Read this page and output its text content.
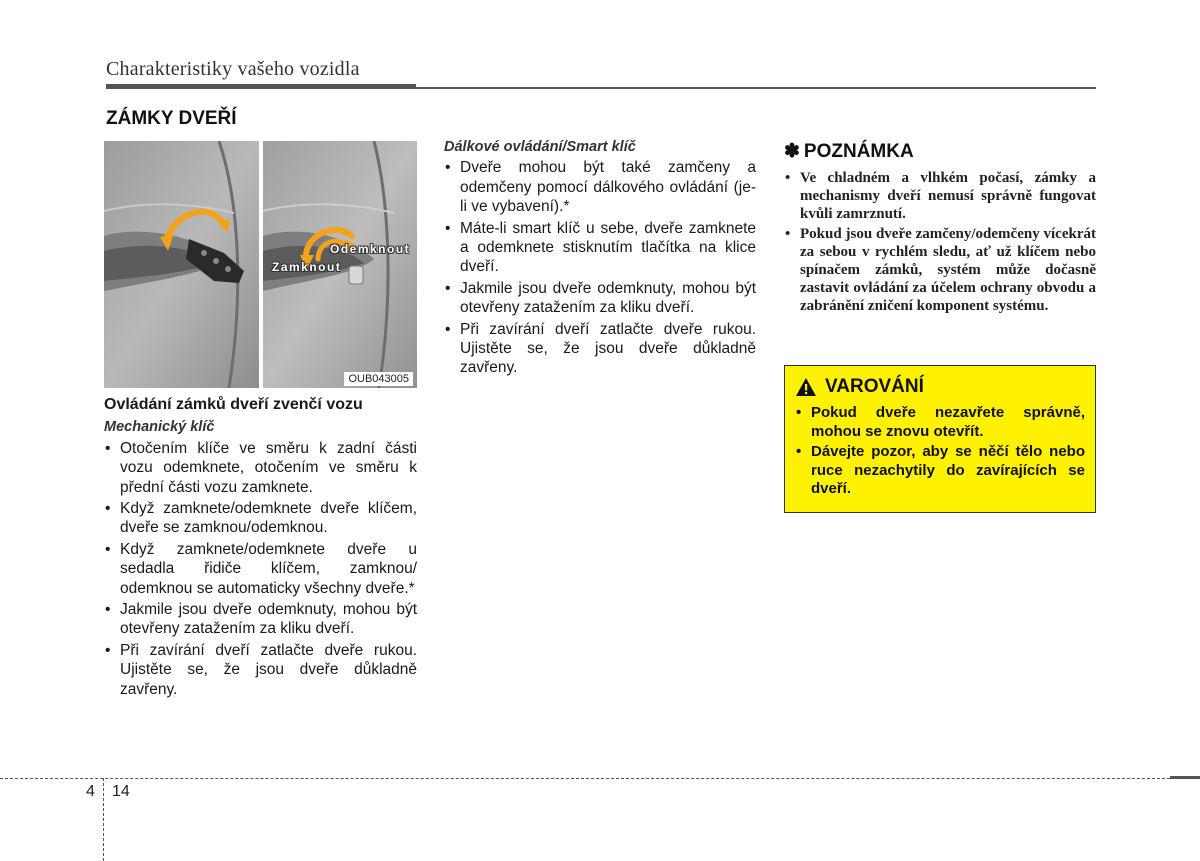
Charakteristiky vašeho vozidla
ZÁMKY DVEŘÍ
Odemknout
Zamknout
OUB043005
Ovládání zámků dveří zvenčí vozu
Mechanický klíč
• Otočením klíče ve směru k zadní části vozu odemknete, otočením ve směru k přední části vozu zamknete.
• Když zamknete/odemknete dveře klíčem, dveře se zamknou/odemknou.
• Když zamknete/odemknete dveře u sedadla řidiče klíčem, zamknou/ odemknou se automaticky všechny dveře.*
• Jakmile jsou dveře odemknuty, mohou být otevřeny zatažením za kliku dveří.
• Při zavírání dveří zatlačte dveře rukou. Ujistěte se, že jsou dveře důkladně zavřeny.
Dálkové ovládání/Smart klíč
• Dveře mohou být také zamčeny a odemčeny pomocí dálkového ovládání (je-li ve vybavení).*
• Máte-li smart klíč u sebe, dveře zamknete a odemknete stisknutím tlačítka na klice dveří.
• Jakmile jsou dveře odemknuty, mohou být otevřeny zatažením za kliku dveří.
• Při zavírání dveří zatlačte dveře rukou. Ujistěte se, že jsou dveře důkladně zavřeny.
✽ POZNÁMKA
• Ve chladném a vlhkém počasí, zámky a mechanismy dveří nemusí správně fungovat kvůli zamrznutí.
• Pokud jsou dveře zamčeny/odemčeny vícekrát za sebou v rychlém sledu, ať už klíčem nebo spínačem zámků, systém může dočasně zastavit ovládání za účelem ochrany obvodu a zabránění zničení komponent systému.
VAROVÁNÍ
• Pokud dveře nezavřete správně, mohou se znovu otevřít.
• Dávejte pozor, aby se něčí tělo nebo ruce nezachytily do zavírajících se dveří.
4 14
